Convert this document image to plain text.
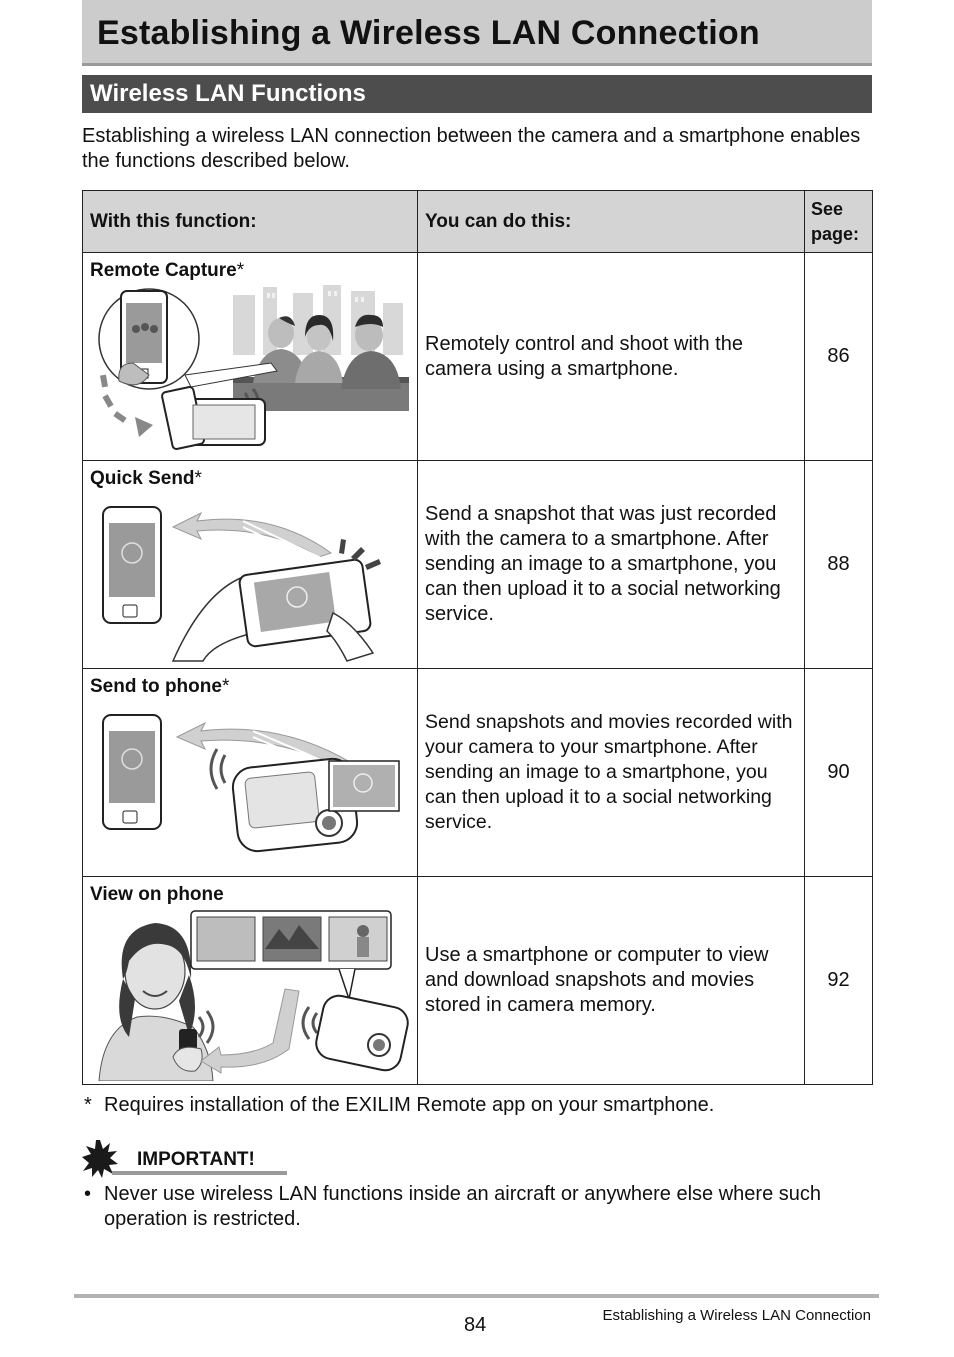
Establishing a Wireless LAN Connection
Wireless LAN Functions

Establishing a wireless LAN connection between the camera and a smartphone enables the functions described below.

With this function:	You can do this:	See
page:

Remote Capture*	Remotely control and shoot with the camera using a smartphone.	86

Quick Send*	Send a snapshot that was just recorded with the camera to a smartphone. After sending an image to a smartphone, you can then upload it to a social networking service.	88

Send to phone*	Send snapshots and movies recorded with your camera to your smartphone. After sending an image to a smartphone, you can then upload it to a social networking service.	90

View on phone	Use a smartphone or computer to view and download snapshots and movies stored in camera memory.	92

* Requires installation of the EXILIM Remote app on your smartphone.

IMPORTANT!

• Never use wireless LAN functions inside an aircraft or anywhere else where such operation is restricted.

84	Establishing a Wireless LAN Connection
